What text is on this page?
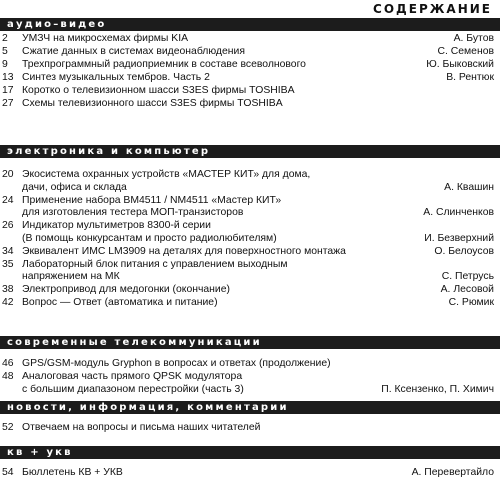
СОДЕРЖАНИЕ
аудио–видео
2 УМЗЧ на микросхемах фирмы KIA	А. Бутов
5 Сжатие данных в системах видеонаблюдения	С. Семенов
9 Трехпрограммный радиоприемник в составе всеволнового	Ю. Быковский
13 Синтез музыкальных тембров. Часть 2	В. Рентюк
17 Коротко о телевизионном шасси S3ES фирмы TOSHIBA
27 Схемы телевизионного шасси S3ES фирмы TOSHIBA
электроника и компьютер
20 Экосистема охранных устройств «МАСТЕР КИТ» для дома,
дачи, офиса и склада	А. Квашин
24 Применение набора BM4511 / NM4511 «Мастер КИТ»
для изготовления тестера МОП-транзисторов	А. Слинченков
26 Индикатор мультиметров 8300-й серии
(В помощь конкурсантам и просто радиолюбителям)	И. Безверхний
34 Эквивалент ИМС LM3909 на деталях для поверхностного монтажа	О. Белоусов
35 Лабораторный блок питания с управлением выходным
напряжением на МК	С. Петрусь
38 Электропривод для медогонки (окончание)	А. Лесовой
42 Вопрос — Ответ (автоматика и питание)	С. Рюмик
современные телекоммуникации
46 GPS/GSM-модуль Gryphon в вопросах и ответах (продолжение)
48 Аналоговая часть прямого QPSK модулятора
с большим диапазоном перестройки (часть 3)	П. Ксензенко, П. Химич
новости, информация, комментарии
52 Отвечаем на вопросы и письма наших читателей
кв + укв
54 Бюллетень КВ + УКВ	А. Перевертайло
